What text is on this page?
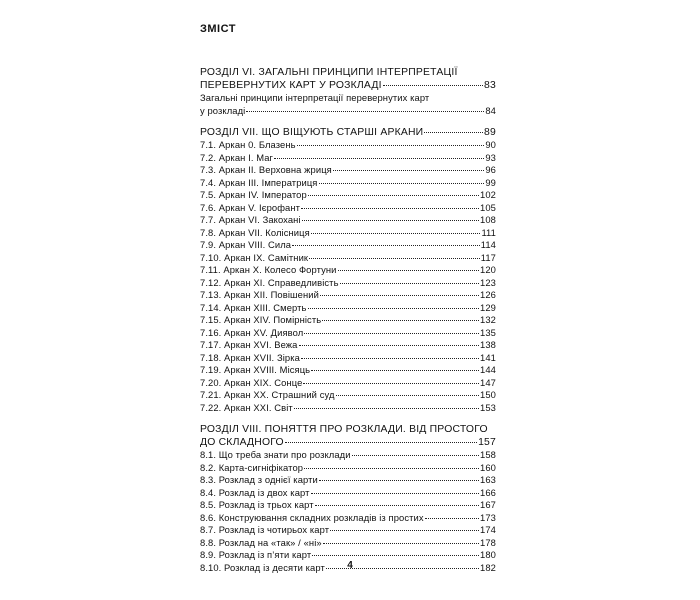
ЗМІСТ
РОЗДІЛ VI. ЗАГАЛЬНІ ПРИНЦИПИ ІНТЕРПРЕТАЦІЇ
ПЕРЕВЕРНУТИХ КАРТ У РОЗКЛАДІ	83
Загальні принципи інтерпретації перевернутих карт
у розкладі	84
РОЗДІЛ VII. ЩО ВІЩУЮТЬ СТАРШІ АРКАНИ	89
7.1. Аркан 0. Блазень	90
7.2. Аркан I. Маг	93
7.3. Аркан II. Верховна жриця	96
7.4. Аркан III. Імператриця	99
7.5. Аркан IV. Імператор	102
7.6. Аркан V. Ієрофант	105
7.7. Аркан VI. Закохані	108
7.8. Аркан VII. Колісниця	111
7.9. Аркан VIII. Сила	114
7.10. Аркан IX. Самітник	117
7.11. Аркан X. Колесо Фортуни	120
7.12. Аркан XI. Справедливість	123
7.13. Аркан XII. Повішений	126
7.14. Аркан XIII. Смерть	129
7.15. Аркан XIV. Помірність	132
7.16. Аркан XV. Диявол	135
7.17. Аркан XVI. Вежа	138
7.18. Аркан XVII. Зірка	141
7.19. Аркан XVIII. Місяць	144
7.20. Аркан XIX. Сонце	147
7.21. Аркан XX. Страшний суд	150
7.22. Аркан XXI. Світ	153
РОЗДІЛ VIII. ПОНЯТТЯ ПРО РОЗКЛАДИ. ВІД ПРОСТОГО
ДО СКЛАДНОГО	157
8.1. Що треба знати про розклади	158
8.2. Карта-сигніфікатор	160
8.3. Розклад з однієї карти	163
8.4. Розклад із двох карт	166
8.5. Розклад із трьох карт	167
8.6. Конструювання складних розкладів із простих	173
8.7. Розклад із чотирьох карт	174
8.8. Розклад на «так» / «ні»	178
8.9. Розклад із п’яти карт	180
8.10. Розклад із десяти карт	182
4
